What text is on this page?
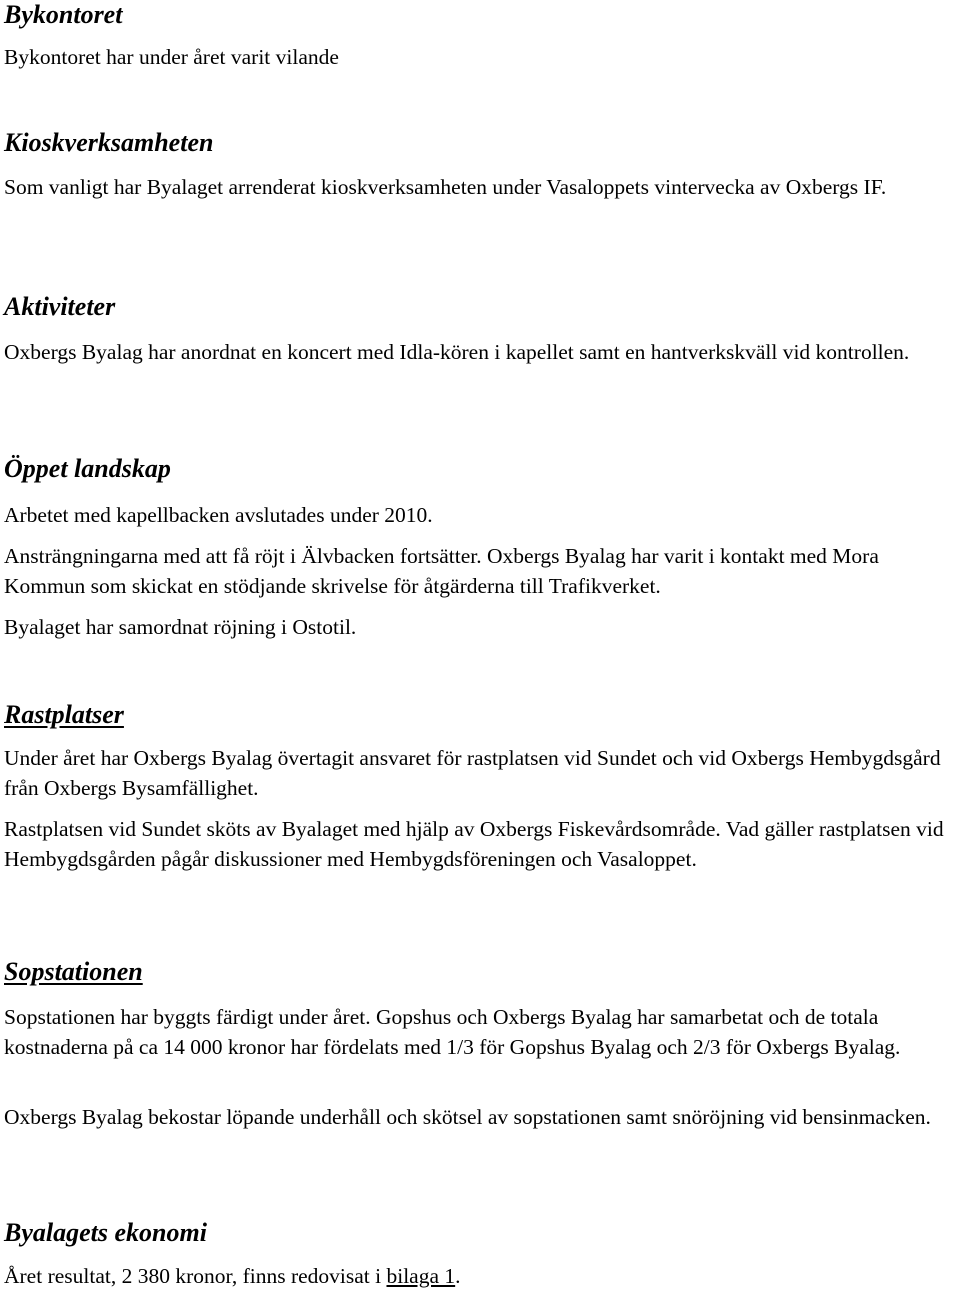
Bykontoret

Bykontoret har under året varit vilande

Kioskverksamheten

Som vanligt har Byalaget arrenderat kioskverksamheten under Vasaloppets vintervecka av Oxbergs IF.

Aktiviteter

Oxbergs Byalag har anordnat en koncert med Idla-kören i kapellet samt en hantverkskväll vid kontrollen.

Öppet landskap

Arbetet med kapellbacken avslutades under 2010.

Ansträngningarna med att få röjt i Älvbacken fortsätter. Oxbergs Byalag har varit i kontakt med Mora Kommun som skickat en stödjande skrivelse för åtgärderna till Trafikverket.

Byalaget har samordnat röjning i Ostotil.

Rastplatser

Under året har Oxbergs Byalag övertagit ansvaret för rastplatsen vid Sundet och vid Oxbergs Hembygdsgård från Oxbergs Bysamfällighet.

Rastplatsen vid Sundet sköts av Byalaget med hjälp av Oxbergs Fiskevårdsområde. Vad gäller rastplatsen vid Hembygdsgården pågår diskussioner med Hembygdsföreningen och Vasaloppet.

Sopstationen

Sopstationen har byggts färdigt under året. Gopshus och Oxbergs Byalag har samarbetat och de totala kostnaderna på ca 14 000 kronor har fördelats med 1/3 för Gopshus Byalag och 2/3 för Oxbergs Byalag.

Oxbergs Byalag bekostar löpande underhåll och skötsel av sopstationen samt snöröjning vid bensinmacken.

Byalagets ekonomi

Året resultat, 2 380 kronor, finns redovisat i bilaga 1.
